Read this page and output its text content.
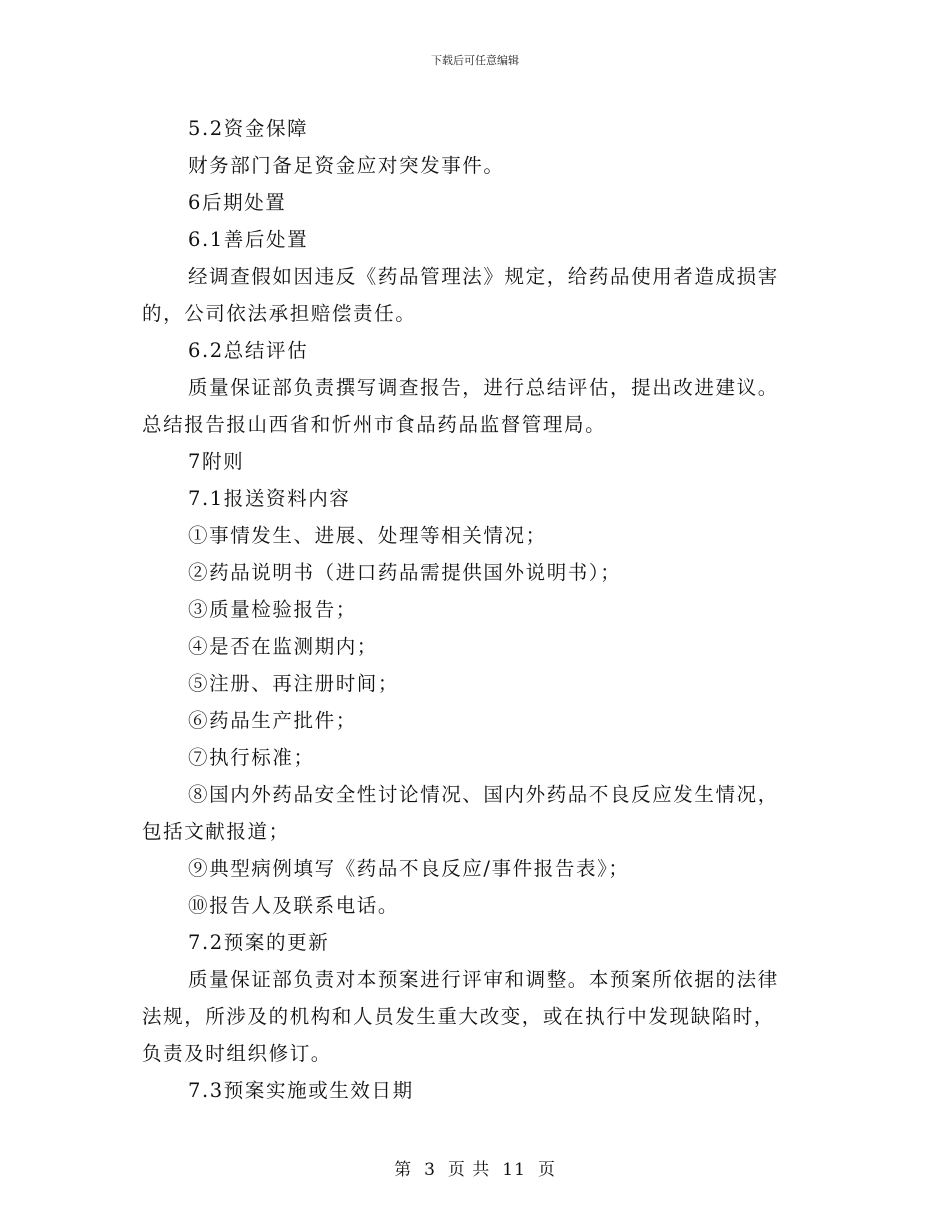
下载后可任意编辑
5.2资金保障
财务部门备足资金应对突发事件。
6后期处置
6.1善后处置
经调查假如因违反《药品管理法》规定，给药品使用者造成损害
的，公司依法承担赔偿责任。
6.2总结评估
质量保证部负责撰写调查报告，进行总结评估，提出改进建议。
总结报告报山西省和忻州市食品药品监督管理局。
7附则
7.1报送资料内容
①事情发生、进展、处理等相关情况；
②药品说明书（进口药品需提供国外说明书）；
③质量检验报告；
④是否在监测期内；
⑤注册、再注册时间；
⑥药品生产批件；
⑦执行标准；
⑧国内外药品安全性讨论情况、国内外药品不良反应发生情况，
包括文献报道；
⑨典型病例填写《药品不良反应/事件报告表》；
⑩报告人及联系电话。
7.2预案的更新
质量保证部负责对本预案进行评审和调整。本预案所依据的法律
法规，所涉及的机构和人员发生重大改变，或在执行中发现缺陷时，
负责及时组织修订。
7.3预案实施或生效日期
第 3 页 共 11 页
